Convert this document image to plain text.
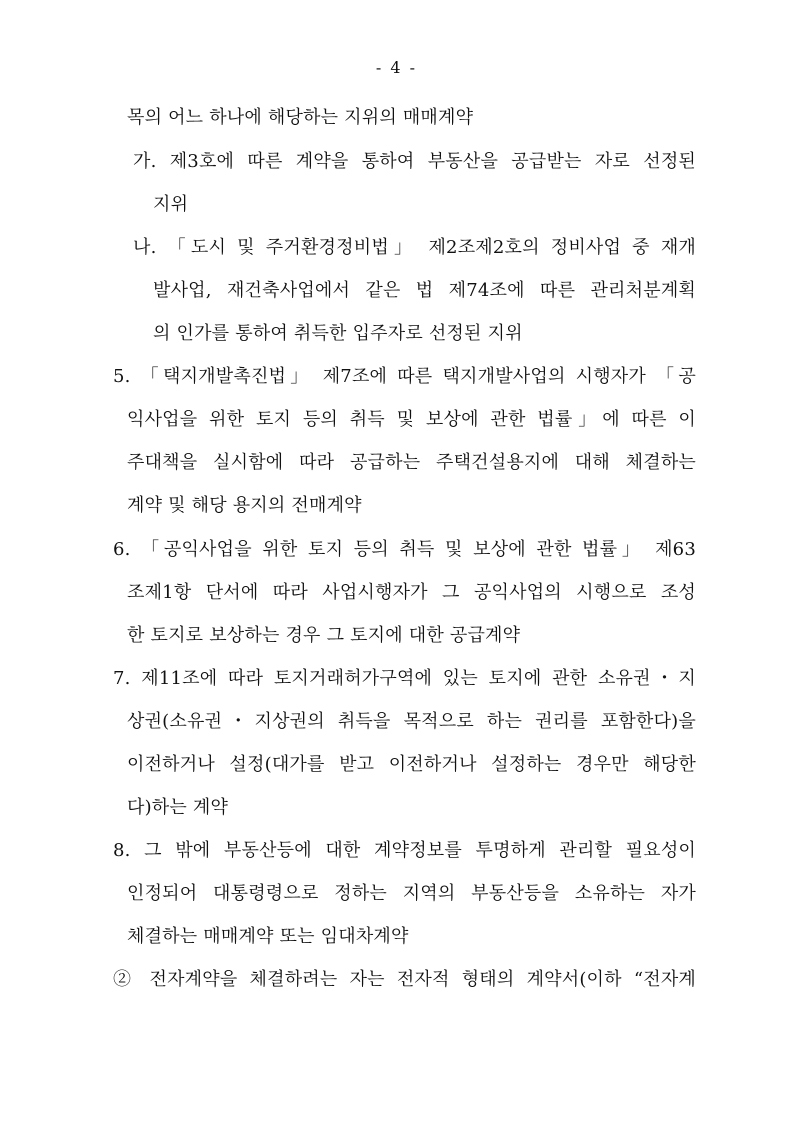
- 4 -
목의 어느 하나에 해당하는 지위의 매매계약
가. 제3호에 따른 계약을 통하여 부동산을 공급받는 자로 선정된
지위
나. 「도시 및 주거환경정비법」 제2조제2호의 정비사업 중 재개
발사업, 재건축사업에서 같은 법 제74조에 따른 관리처분계획
의 인가를 통하여 취득한 입주자로 선정된 지위
5. 「택지개발촉진법」 제7조에 따른 택지개발사업의 시행자가 「공
익사업을 위한 토지 등의 취득 및 보상에 관한 법률」에 따른 이
주대책을 실시함에 따라 공급하는 주택건설용지에 대해 체결하는
계약 및 해당 용지의 전매계약
6. 「공익사업을 위한 토지 등의 취득 및 보상에 관한 법률」 제63
조제1항 단서에 따라 사업시행자가 그 공익사업의 시행으로 조성
한 토지로 보상하는 경우 그 토지에 대한 공급계약
7. 제11조에 따라 토지거래허가구역에 있는 토지에 관한 소유권・지
상권(소유권・지상권의 취득을 목적으로 하는 권리를 포함한다)을
이전하거나 설정(대가를 받고 이전하거나 설정하는 경우만 해당한
다)하는 계약
8. 그 밖에 부동산등에 대한 계약정보를 투명하게 관리할 필요성이
인정되어 대통령령으로 정하는 지역의 부동산등을 소유하는 자가
체결하는 매매계약 또는 임대차계약
② 전자계약을 체결하려는 자는 전자적 형태의 계약서(이하 “전자계
